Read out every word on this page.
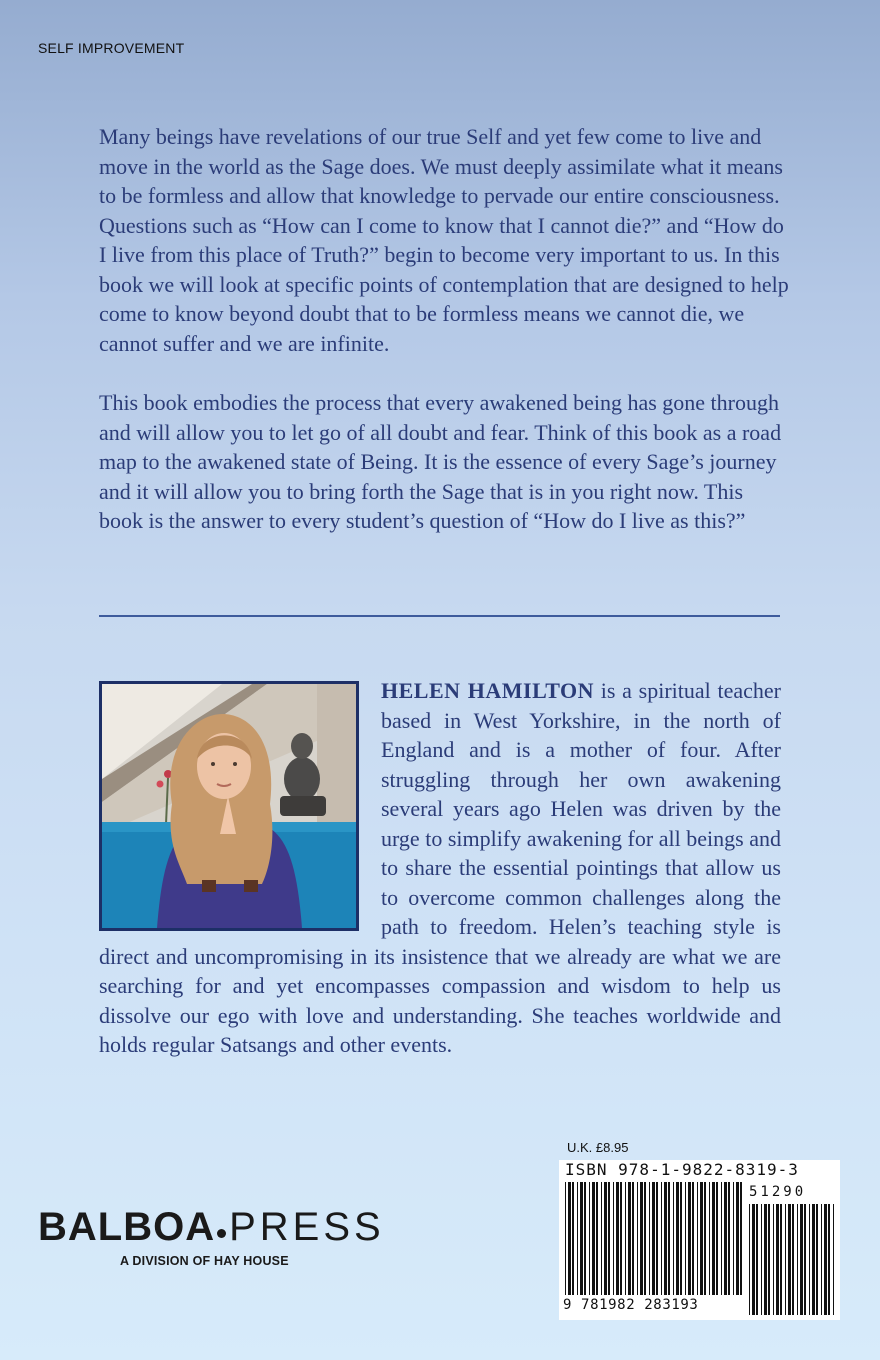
SELF IMPROVEMENT

Many beings have revelations of our true Self and yet few come to live and move in the world as the Sage does. We must deeply assimilate what it means to be formless and allow that knowledge to pervade our entire consciousness. Questions such as “How can I come to know that I cannot die?” and “How do I live from this place of Truth?” begin to become very important to us. In this book we will look at specific points of contemplation that are designed to help come to know beyond doubt that to be formless means we cannot die, we cannot suffer and we are infinite.

This book embodies the process that every awakened being has gone through and will allow you to let go of all doubt and fear. Think of this book as a road map to the awakened state of Being. It is the essence of every Sage’s journey and it will allow you to bring forth the Sage that is in you right now. This book is the answer to every student’s question of “How do I live as this?”

HELEN HAMILTON is a spiritual teacher based in West Yorkshire, in the north of England and is a mother of four. After struggling through her own awakening several years ago Helen was driven by the urge to simplify awakening for all beings and to share the essential pointings that allow us to overcome common challenges along the path to freedom. Helen’s teaching style is direct and uncompromising in its insistence that we already are what we are searching for and yet encompasses compassion and wisdom to help us dissolve our ego with love and understanding. She teaches worldwide and holds regular Satsangs and other events.

BALBOA PRESS
A DIVISION OF HAY HOUSE
U.K. £8.95
ISBN 978-1-9822-8319-3
51290
9 781982 283193
